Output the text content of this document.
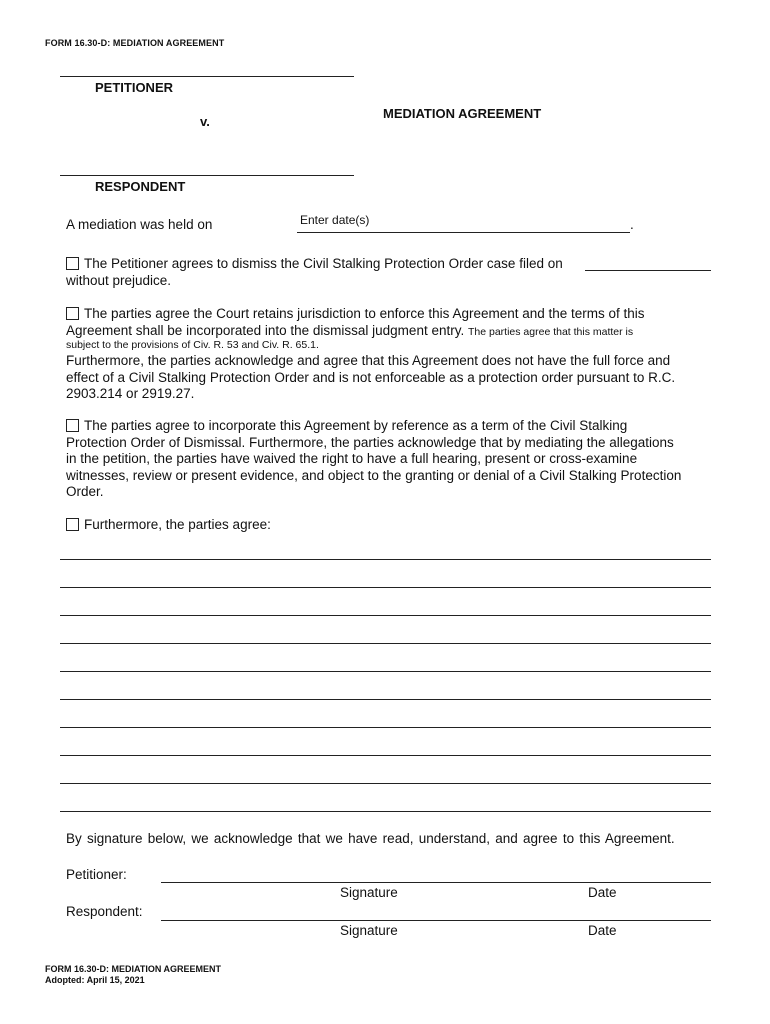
FORM 16.30-D: MEDIATION AGREEMENT
PETITIONER
v.
MEDIATION AGREEMENT
RESPONDENT
A mediation was held on	Enter date(s)	.
The Petitioner agrees to dismiss the Civil Stalking Protection Order case filed on
without prejudice.
The parties agree the Court retains jurisdiction to enforce this Agreement and the terms of this
Agreement shall be incorporated into the dismissal judgment entry. The parties agree that this matter is
subject to the provisions of Civ. R. 53 and Civ. R. 65.1.
Furthermore, the parties acknowledge and agree that this Agreement does not have the full force and
effect of a Civil Stalking Protection Order and is not enforceable as a protection order pursuant to R.C.
2903.214 or 2919.27.
The parties agree to incorporate this Agreement by reference as a term of the Civil Stalking
Protection Order of Dismissal. Furthermore, the parties acknowledge that by mediating the allegations
in the petition, the parties have waived the right to have a full hearing, present or cross-examine
witnesses, review or present evidence, and object to the granting or denial of a Civil Stalking Protection
Order.
Furthermore, the parties agree:
By signature below, we acknowledge that we have read, understand, and agree to this Agreement.
Petitioner:
Signature	Date
Respondent:
Signature	Date
FORM 16.30-D: MEDIATION AGREEMENT
Adopted: April 15, 2021
